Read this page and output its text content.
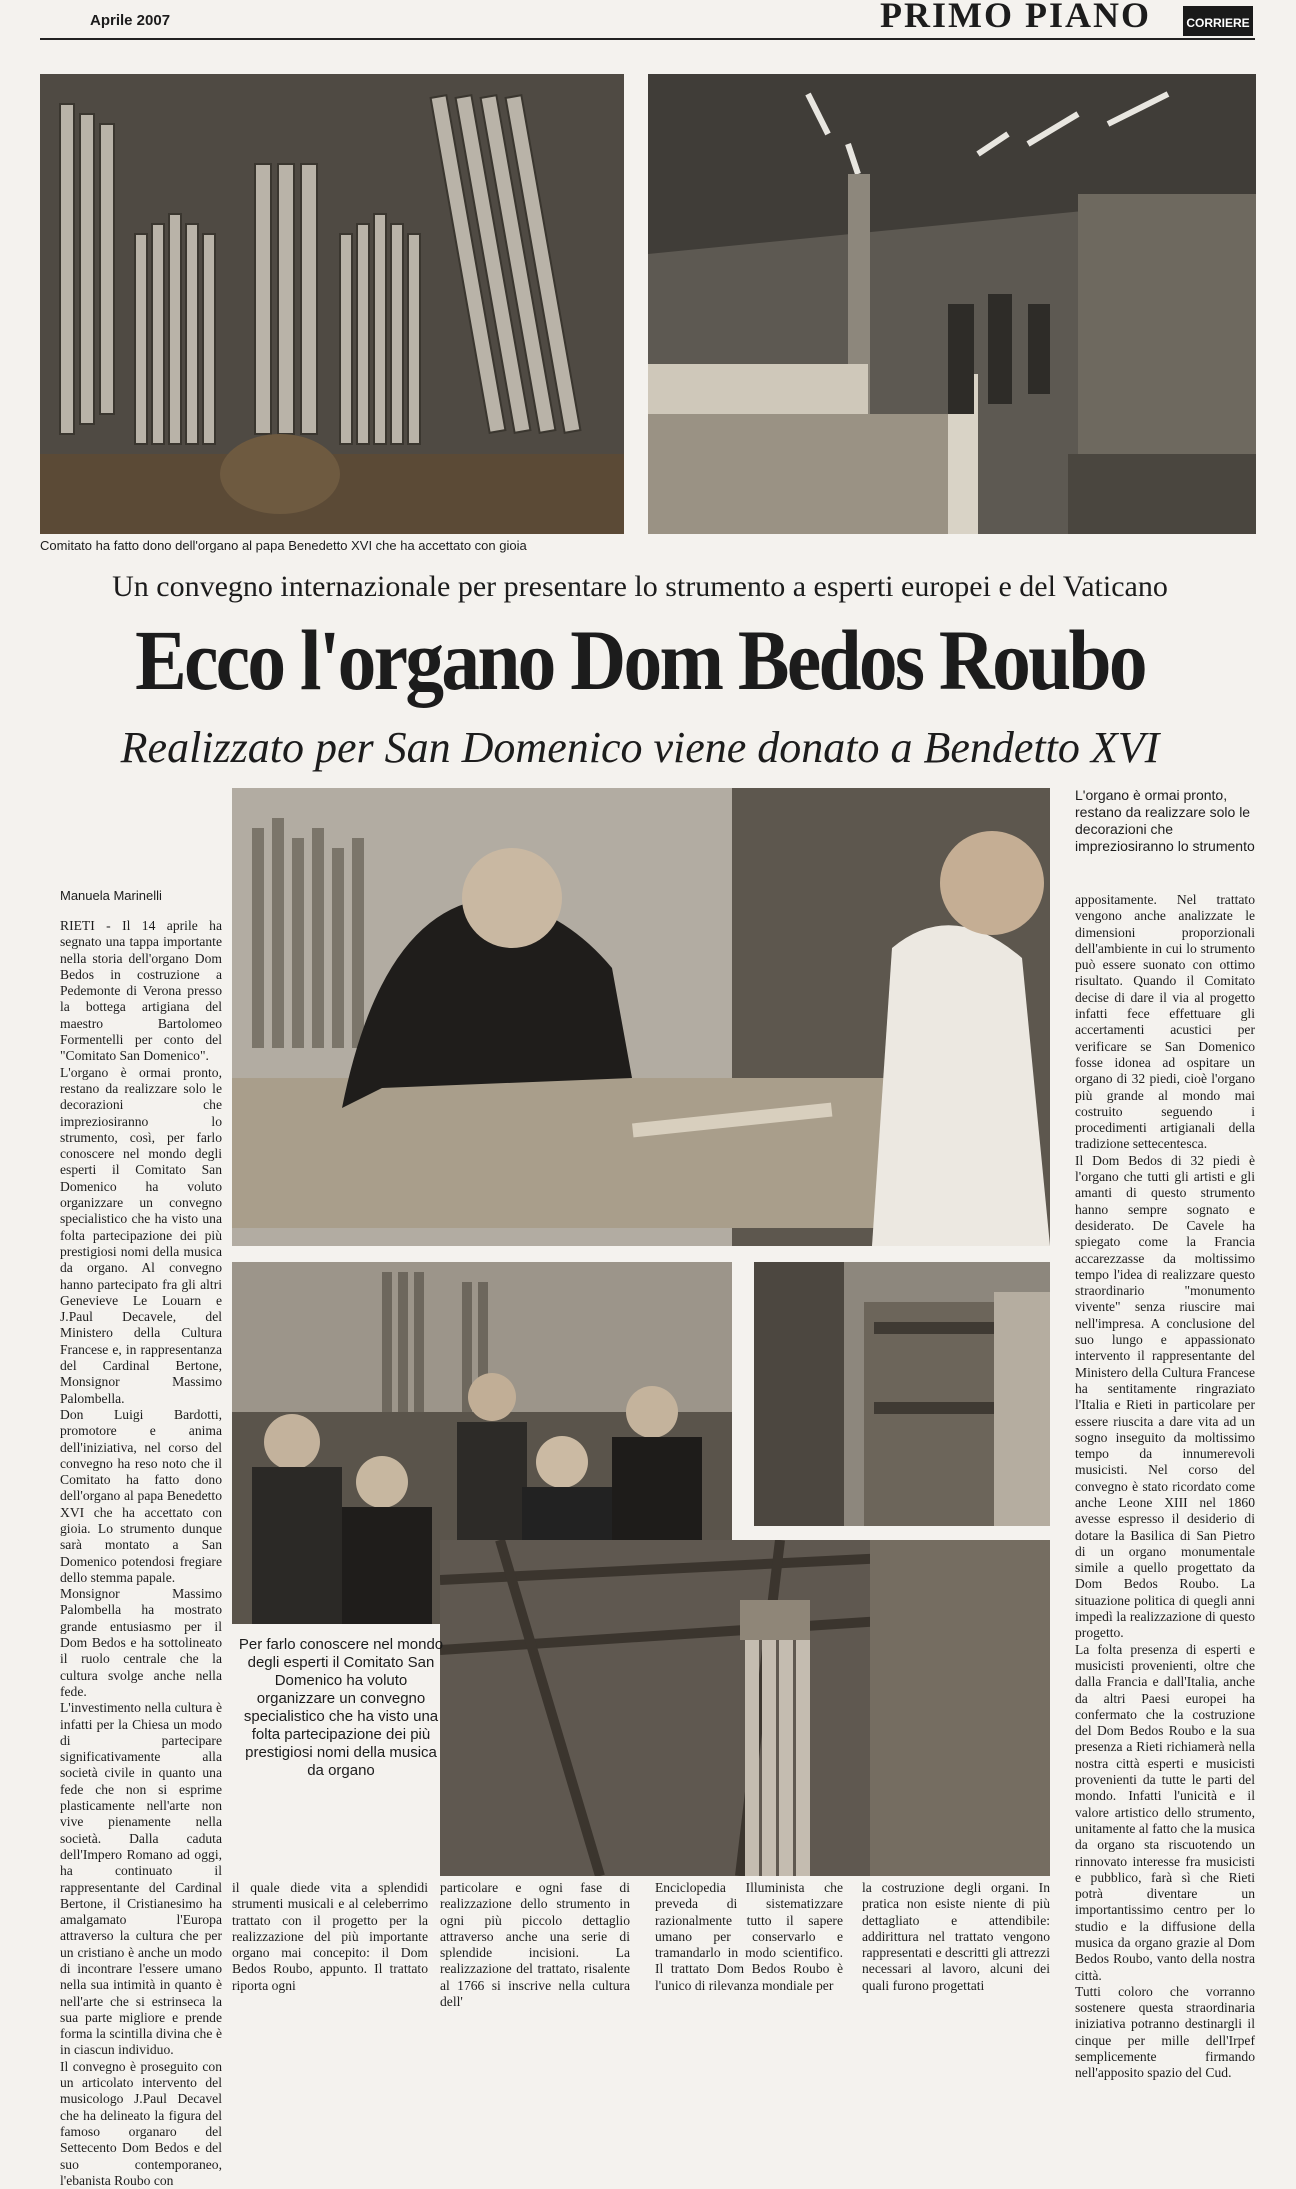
Aprile 2007	PRIMO PIANO	CORRIERE
Comitato ha fatto dono dell'organo al papa Benedetto XVI che ha accettato con gioia
Un convegno internazionale per presentare lo strumento a esperti europei e del Vaticano
Ecco l'organo Dom Bedos Roubo
Realizzato per San Domenico viene donato a Bendetto XVI
L'organo è ormai pronto, restano da realizzare solo le decorazioni che impreziosiranno lo strumento
Per farlo conoscere nel mondo degli esperti il Comitato San Domenico ha voluto organizzare un convegno specialistico che ha visto una folta partecipazione dei più prestigiosi nomi della musica da organo
Manuela Marinelli

RIETI - Il 14 aprile ha segnato una tappa importante nella storia dell'organo Dom Bedos in costruzione a Pedemonte di Verona presso la bottega artigiana del maestro Bartolomeo Formentelli per conto del "Comitato San Domenico".

L'organo è ormai pronto, restano da realizzare solo le decorazioni che impreziosiranno lo strumento, così, per farlo conoscere nel mondo degli esperti il Comitato San Domenico ha voluto organizzare un convegno specialistico che ha visto una folta partecipazione dei più prestigiosi nomi della musica da organo. Al convegno hanno partecipato fra gli altri Genevieve Le Louarn e J.Paul Decavele, del Ministero della Cultura Francese e, in rappresentanza del Cardinal Bertone, Monsignor Massimo Palombella.

Don Luigi Bardotti, promotore e anima dell'iniziativa, nel corso del convegno ha reso noto che il Comitato ha fatto dono dell'organo al papa Benedetto XVI che ha accettato con gioia. Lo strumento dunque sarà montato a San Domenico potendosi fregiare dello stemma papale.

Monsignor Massimo Palombella ha mostrato grande entusiasmo per il Dom Bedos e ha sottolineato il ruolo centrale che la cultura svolge anche nella fede.

L'investimento nella cultura è infatti per la Chiesa un modo di partecipare significativamente alla società civile in quanto una fede che non si esprime plasticamente nell'arte non vive pienamente nella società. Dalla caduta dell'Impero Romano ad oggi, ha continuato il rappresentante del Cardinal Bertone, il Cristianesimo ha amalgamato l'Europa attraverso la cultura che per un cristiano è anche un modo di incontrare l'essere umano nella sua intimità in quanto è nell'arte che si estrinseca la sua parte migliore e prende forma la scintilla divina che è in ciascun individuo.

Il convegno è proseguito con un articolato intervento del musicologo J.Paul Decavel che ha delineato la figura del famoso organaro del Settecento Dom Bedos e del suo contemporaneo, l'ebanista Roubo con

il quale diede vita a splendidi strumenti musicali e al celeberrimo trattato con il progetto per la realizzazione del più importante organo mai concepito: il Dom Bedos Roubo, appunto. Il trattato riporta ogni
particolare e ogni fase di realizzazione dello strumento in ogni più piccolo dettaglio attraverso anche una serie di splendide incisioni. La realizzazione del trattato, risalente al 1766 si inscrive nella cultura dell'
Enciclopedia Illuminista che preveda di sistematizzare razionalmente tutto il sapere umano per conservarlo e tramandarlo in modo scientifico. Il trattato Dom Bedos Roubo è l'unico di rilevanza mondiale per
la costruzione degli organi. In pratica non esiste niente di più dettagliato e attendibile: addirittura nel trattato vengono rappresentati e descritti gli attrezzi necessari al lavoro, alcuni dei quali furono progettati

appositamente. Nel trattato vengono anche analizzate le dimensioni proporzionali dell'ambiente in cui lo strumento può essere suonato con ottimo risultato. Quando il Comitato decise di dare il via al progetto infatti fece effettuare gli accertamenti acustici per verificare se San Domenico fosse idonea ad ospitare un organo di 32 piedi, cioè l'organo più grande al mondo mai costruito seguendo i procedimenti artigianali della tradizione settecentesca.

Il Dom Bedos di 32 piedi è l'organo che tutti gli artisti e gli amanti di questo strumento hanno sempre sognato e desiderato. De Cavele ha spiegato come la Francia accarezzasse da moltissimo tempo l'idea di realizzare questo straordinario "monumento vivente" senza riuscire mai nell'impresa. A conclusione del suo lungo e appassionato intervento il rappresentante del Ministero della Cultura Francese ha sentitamente ringraziato l'Italia e Rieti in particolare per essere riuscita a dare vita ad un sogno inseguito da moltissimo tempo da innumerevoli musicisti. Nel corso del convegno è stato ricordato come anche Leone XIII nel 1860 avesse espresso il desiderio di dotare la Basilica di San Pietro di un organo monumentale simile a quello progettato da Dom Bedos Roubo. La situazione politica di quegli anni impedì la realizzazione di questo progetto.

La folta presenza di esperti e musicisti provenienti, oltre che dalla Francia e dall'Italia, anche da altri Paesi europei ha confermato che la costruzione del Dom Bedos Roubo e la sua presenza a Rieti richiamerà nella nostra città esperti e musicisti provenienti da tutte le parti del mondo. Infatti l'unicità e il valore artistico dello strumento, unitamente al fatto che la musica da organo sta riscuotendo un rinnovato interesse fra musicisti e pubblico, farà sì che Rieti potrà diventare un importantissimo centro per lo studio e la diffusione della musica da organo grazie al Dom Bedos Roubo, vanto della nostra città.

Tutti coloro che vorranno sostenere questa straordinaria iniziativa potranno destinargli il cinque per mille dell'Irpef semplicemente firmando nell'apposito spazio del Cud.
